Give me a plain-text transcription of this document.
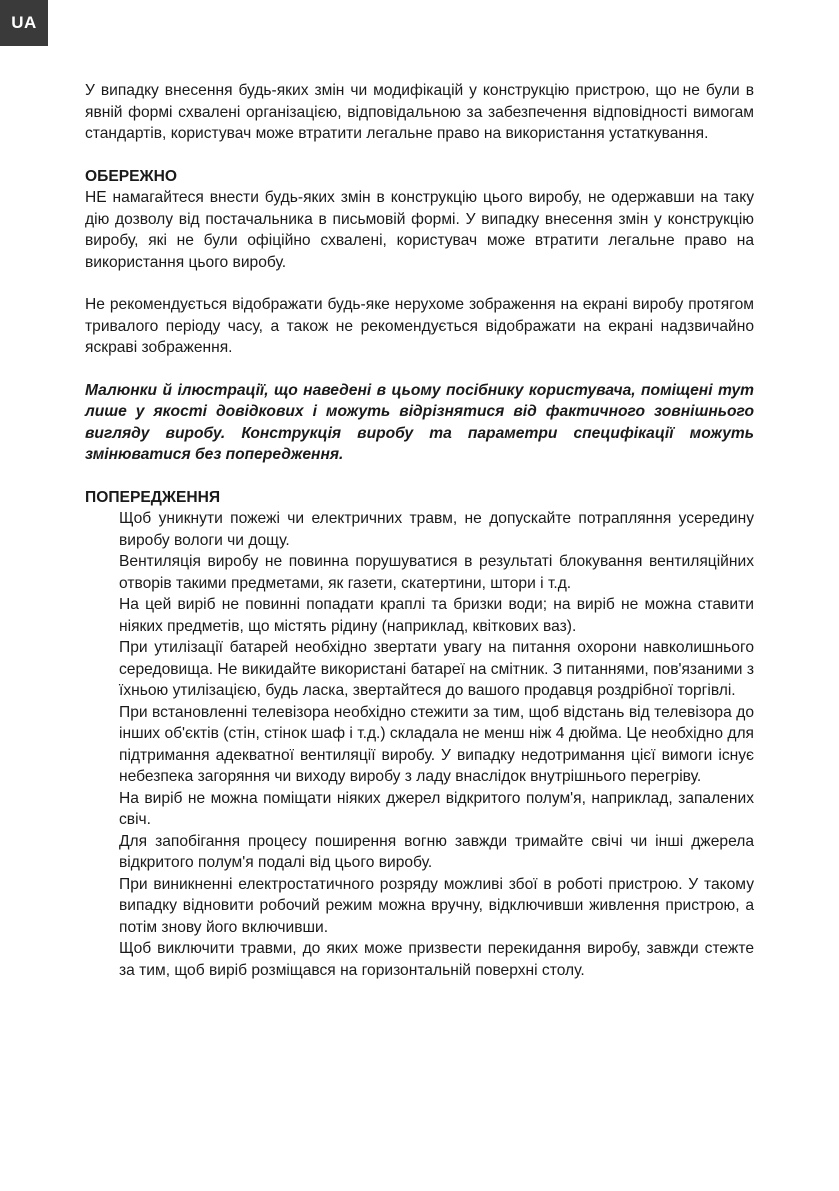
UA

У випадку внесення будь-яких змін чи модифікацій у конструкцію пристрою, що не були в явній формі схвалені організацією, відповідальною за забезпечення відповідності вимогам стандартів, користувач може втратити легальне право на використання устаткування.

ОБЕРЕЖНО

НЕ намагайтеся внести будь-яких змін в конструкцію цього виробу, не одержавши на таку дію дозволу від постачальника в письмовій формі. У випадку внесення змін у конструкцію виробу, які не були офіційно схвалені, користувач може втратити легальне право на використання цього виробу.

Не рекомендується відображати будь-яке нерухоме зображення на екрані виробу протягом тривалого періоду часу, а також не рекомендується відображати на екрані надзвичайно яскраві зображення.

Малюнки й ілюстрації, що наведені в цьому посібнику користувача, поміщені тут лише у якості довідкових і можуть відрізнятися від фактичного зовнішнього вигляду виробу. Конструкція виробу та параметри специфікації можуть змінюватися без попередження.

ПОПЕРЕДЖЕННЯ

Щоб уникнути пожежі чи електричних травм, не допускайте потрапляння усередину виробу вологи чи дощу.
Вентиляція виробу не повинна порушуватися в результаті блокування вентиляційних отворів такими предметами, як газети, скатертини, штори і т.д.
На цей виріб не повинні попадати краплі та бризки води; на виріб не можна ставити ніяких предметів, що містять рідину (наприклад, квіткових ваз).
При утилізації батарей необхідно звертати увагу на питання охорони навколишнього середовища. Не викидайте використані батареї на смітник. З питаннями, пов'язаними з їхньою утилізацією, будь ласка, звертайтеся до вашого продавця роздрібної торгівлі.
При встановленні телевізора необхідно стежити за тим, щоб відстань від телевізора до інших об'єктів (стін, стінок шаф і т.д.) складала не менш ніж 4 дюйма. Це необхідно для підтримання адекватної вентиляції виробу. У випадку недотримання цієї вимоги існує небезпека загоряння чи виходу виробу з ладу внаслідок внутрішнього перегріву.
На виріб не можна поміщати ніяких джерел відкритого полум'я, наприклад, запалених свіч.
Для запобігання процесу поширення вогню завжди тримайте свічі чи інші джерела відкритого полум'я подалі від цього виробу.
При виникненні електростатичного розряду можливі збої в роботі пристрою. У такому випадку відновити робочий режим можна вручну, відключивши живлення пристрою, а потім знову його включивши.
Щоб виключити травми, до яких може призвести перекидання виробу, завжди стежте за тим, щоб виріб розміщався на горизонтальній поверхні столу.
